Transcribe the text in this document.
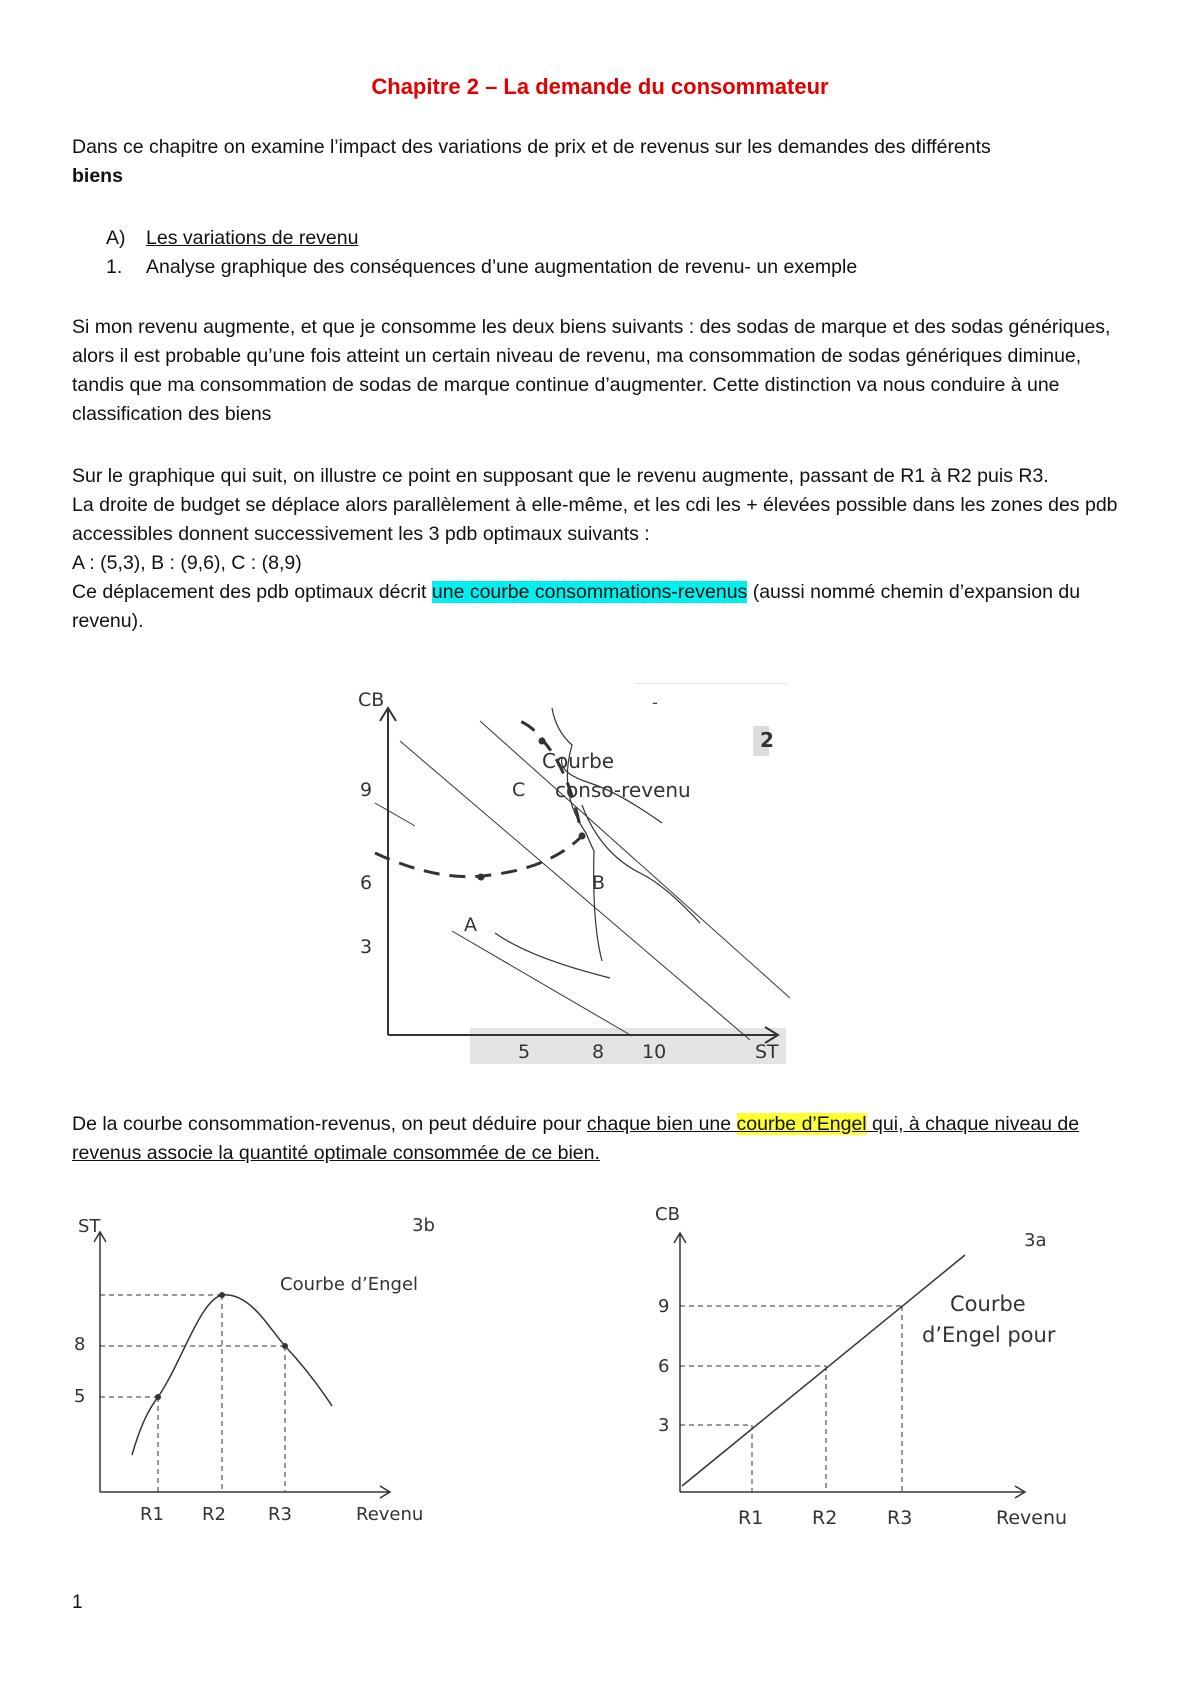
Chapitre 2 – La demande du consommateur

Dans ce chapitre on examine l’impact des variations de prix et de revenus sur les demandes des différents
biens

A) Les variations de revenu
1. Analyse graphique des conséquences d’une augmentation de revenu- un exemple

Si mon revenu augmente, et que je consomme les deux biens suivants : des sodas de marque et des sodas génériques, alors il est probable qu’une fois atteint un certain niveau de revenu, ma consommation de sodas génériques diminue, tandis que ma consommation de sodas de marque continue d’augmenter. Cette distinction va nous conduire à une classification des biens

Sur le graphique qui suit, on illustre ce point en supposant que le revenu augmente, passant de R1 à R2 puis R3.
La droite de budget se déplace alors parallèlement à elle-même, et les cdi les + élevées possible dans les zones des pdb accessibles donnent successivement les 3 pdb optimaux suivants :
A : (5,3), B : (9,6), C : (8,9)
Ce déplacement des pdb optimaux décrit une courbe consommations-revenus (aussi nommé chemin d’expansion du revenu).

-
2
CB
ST
9
6
3
5	8 10
A
B
C
Courbe
conso-revenu

De la courbe consommation-revenus, on peut déduire pour chaque bien une courbe d’Engel qui, à chaque niveau de revenus associe la quantité optimale consommée de ce bien.

ST	3b
Revenu
8
5
R1 R2 R3
Courbe d’Engel
CB
3a
Revenu
9
6
3
R1	R2	R3
Courbe
d’Engel pour
1
